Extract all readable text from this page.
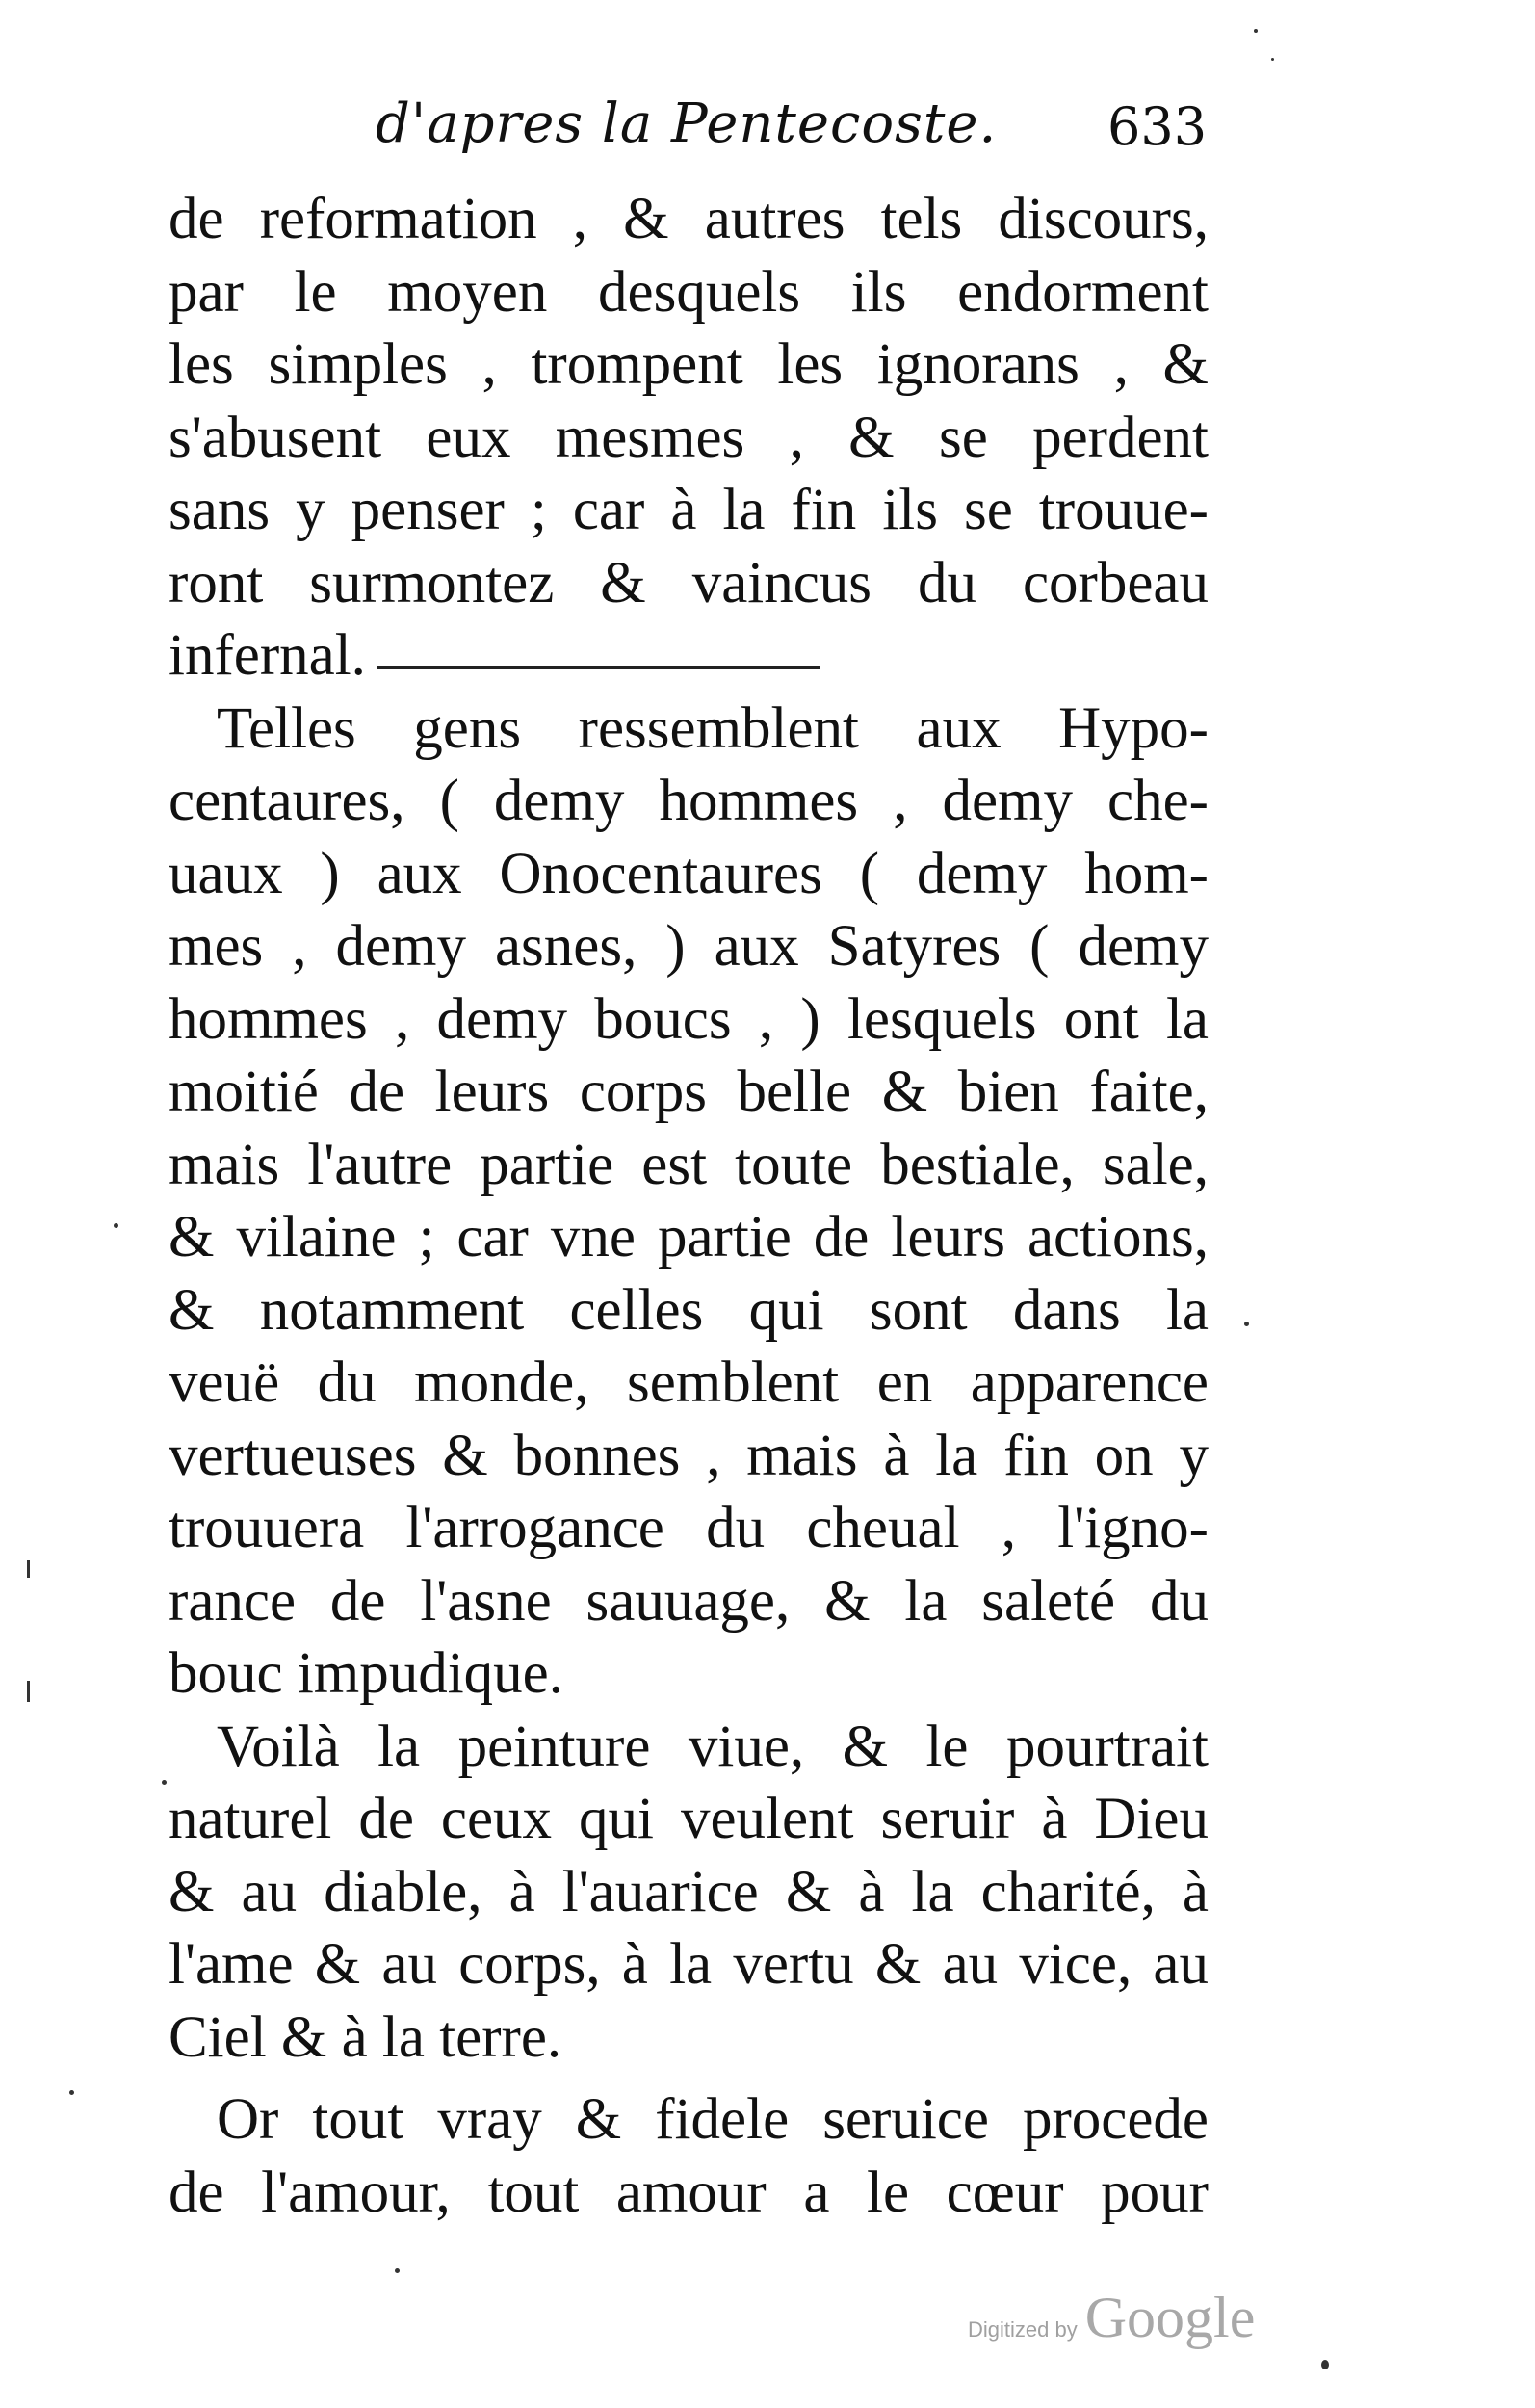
d'apres la Pentecoste. 633
de reformation , & autres tels discours,
par le moyen desquels ils endorment
les simples , trompent les ignorans , &
s'abusent eux mesmes , & se perdent
sans y penser ; car à la fin ils se trouue-
ront surmontez & vaincus du corbeau
infernal.
Telles gens ressemblent aux Hypo-
centaures, ( demy hommes , demy che-
uaux ) aux Onocentaures ( demy hom-
mes , demy asnes, ) aux Satyres ( demy
hommes , demy boucs , ) lesquels ont la
moitié de leurs corps belle & bien faite,
mais l'autre partie est toute bestiale, sale,
& vilaine ; car vne partie de leurs actions,
& notamment celles qui sont dans la
veuë du monde, semblent en apparence
vertueuses & bonnes , mais à la fin on y
trouuera l'arrogance du cheual , l'igno-
rance de l'asne sauuage, & la saleté du
bouc impudique.
Voilà la peinture viue, & le pourtrait
naturel de ceux qui veulent seruir à Dieu
& au diable, à l'auarice & à la charité, à
l'ame & au corps, à la vertu & au vice, au
Ciel & à la terre.
Or tout vray & fidele seruice procede
de l'amour, tout amour a le cœur pour
Digitized by Google
